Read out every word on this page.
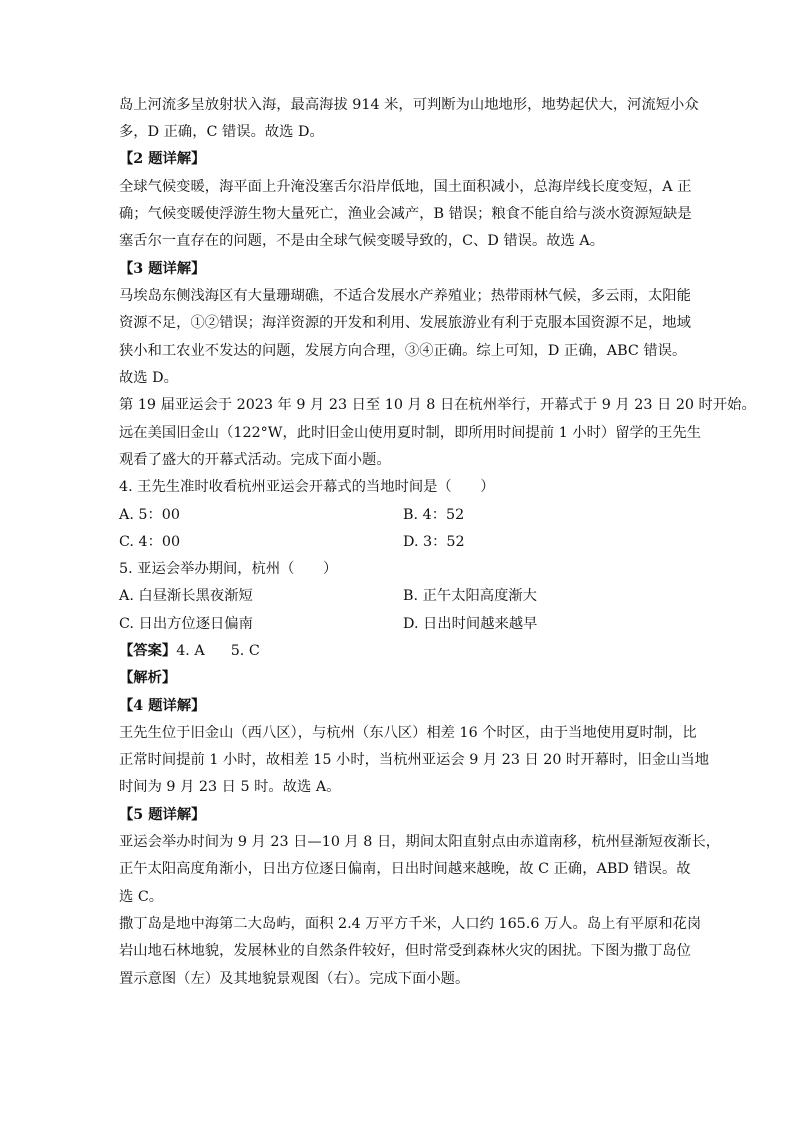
岛上河流多呈放射状入海，最高海拔 914 米，可判断为山地地形，地势起伏大，河流短小众
多，D 正确，C 错误。故选 D。
【2 题详解】
全球气候变暖，海平面上升淹没塞舌尔沿岸低地，国土面积减小，总海岸线长度变短，A 正
确；气候变暖使浮游生物大量死亡，渔业会减产，B 错误；粮食不能自给与淡水资源短缺是
塞舌尔一直存在的问题，不是由全球气候变暖导致的，C、D 错误。故选 A。
【3 题详解】
马埃岛东侧浅海区有大量珊瑚礁，不适合发展水产养殖业；热带雨林气候，多云雨，太阳能
资源不足，①②错误；海洋资源的开发和利用、发展旅游业有利于克服本国资源不足，地域
狭小和工农业不发达的问题，发展方向合理，③④正确。综上可知，D 正确，ABC 错误。
故选 D。
第 19 届亚运会于 2023 年 9 月 23 日至 10 月 8 日在杭州举行，开幕式于 9 月 23 日 20 时开始。
远在美国旧金山（122°W，此时旧金山使用夏时制，即所用时间提前 1 小时）留学的王先生
观看了盛大的开幕式活动。完成下面小题。
4. 王先生准时收看杭州亚运会开幕式的当地时间是（　　）
A. 5：00	B. 4：52
C. 4：00	D. 3：52
5. 亚运会举办期间，杭州（　　）
A. 白昼渐长黑夜渐短	B. 正午太阳高度渐大
C. 日出方位逐日偏南	D. 日出时间越来越早
【答案】4. A 5. C
【解析】
【4 题详解】
王先生位于旧金山（西八区），与杭州（东八区）相差 16 个时区，由于当地使用夏时制，比
正常时间提前 1 小时，故相差 15 小时，当杭州亚运会 9 月 23 日 20 时开幕时，旧金山当地
时间为 9 月 23 日 5 时。故选 A。
【5 题详解】
亚运会举办时间为 9 月 23 日—10 月 8 日，期间太阳直射点由赤道南移，杭州昼渐短夜渐长，
正午太阳高度角渐小，日出方位逐日偏南，日出时间越来越晚，故 C 正确，ABD 错误。故
选 C。
撒丁岛是地中海第二大岛屿，面积 2.4 万平方千米，人口约 165.6 万人。岛上有平原和花岗
岩山地石林地貌，发展林业的自然条件较好，但时常受到森林火灾的困扰。下图为撒丁岛位
置示意图（左）及其地貌景观图（右）。完成下面小题。
